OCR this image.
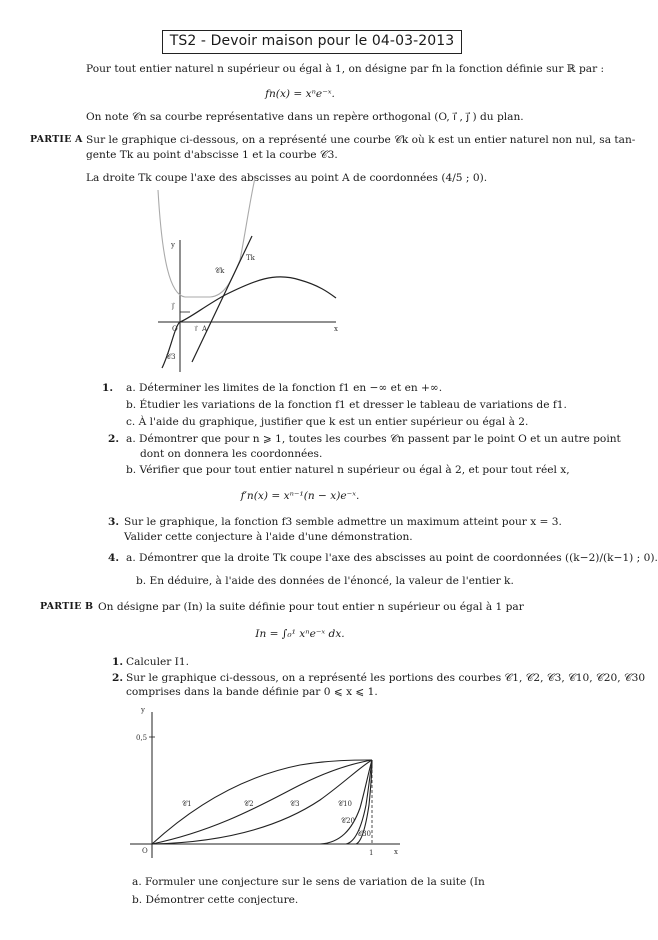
TS2 - Devoir maison pour le 04-03-2013
Pour tout entier naturel n supérieur ou égal à 1, on désigne par fn la fonction définie sur ℝ par :
fn(x) = xⁿe⁻ˣ.
On note 𝒞n sa courbe représentative dans un repère orthogonal (O, i⃗ , j⃗ ) du plan.
PARTIE A Sur le graphique ci-dessous, on a représenté une courbe 𝒞k où k est un entier naturel non nul, sa tan-
gente Tk au point d'abscisse 1 et la courbe 𝒞3.
La droite Tk coupe l'axe des abscisses au point A de coordonnées (4/5 ; 0).
y
x
O	A
i⃗
j⃗
Tk
𝒞k
𝒞3
1. a. Déterminer les limites de la fonction f1 en −∞ et en +∞.
b. Étudier les variations de la fonction f1 et dresser le tableau de variations de f1.
c. À l'aide du graphique, justifier que k est un entier supérieur ou égal à 2.
2. a. Démontrer que pour n ⩾ 1, toutes les courbes 𝒞n passent par le point O et un autre point
dont on donnera les coordonnées.
b. Vérifier que pour tout entier naturel n supérieur ou égal à 2, et pour tout réel x,
f′n(x) = xⁿ⁻¹(n − x)e⁻ˣ.
3. Sur le graphique, la fonction f3 semble admettre un maximum atteint pour x = 3.
Valider cette conjecture à l'aide d'une démonstration.
4. a. Démontrer que la droite Tk coupe l'axe des abscisses au point de coordonnées ((k−2)/(k−1) ; 0).
b. En déduire, à l'aide des données de l'énoncé, la valeur de l'entier k.
PARTIE B On désigne par (In) la suite définie pour tout entier n supérieur ou égal à 1 par
In = ∫₀¹ xⁿe⁻ˣ dx.
1. Calculer I1.
2. Sur le graphique ci-dessous, on a représenté les portions des courbes 𝒞1, 𝒞2, 𝒞3, 𝒞10, 𝒞20, 𝒞30
comprises dans la bande définie par 0 ⩽ x ⩽ 1.
y
x
O
0,5
1
𝒞1	𝒞2	𝒞3	𝒞10
𝒞20
𝒞30
a. Formuler une conjecture sur le sens de variation de la suite (In
b. Démontrer cette conjecture.
